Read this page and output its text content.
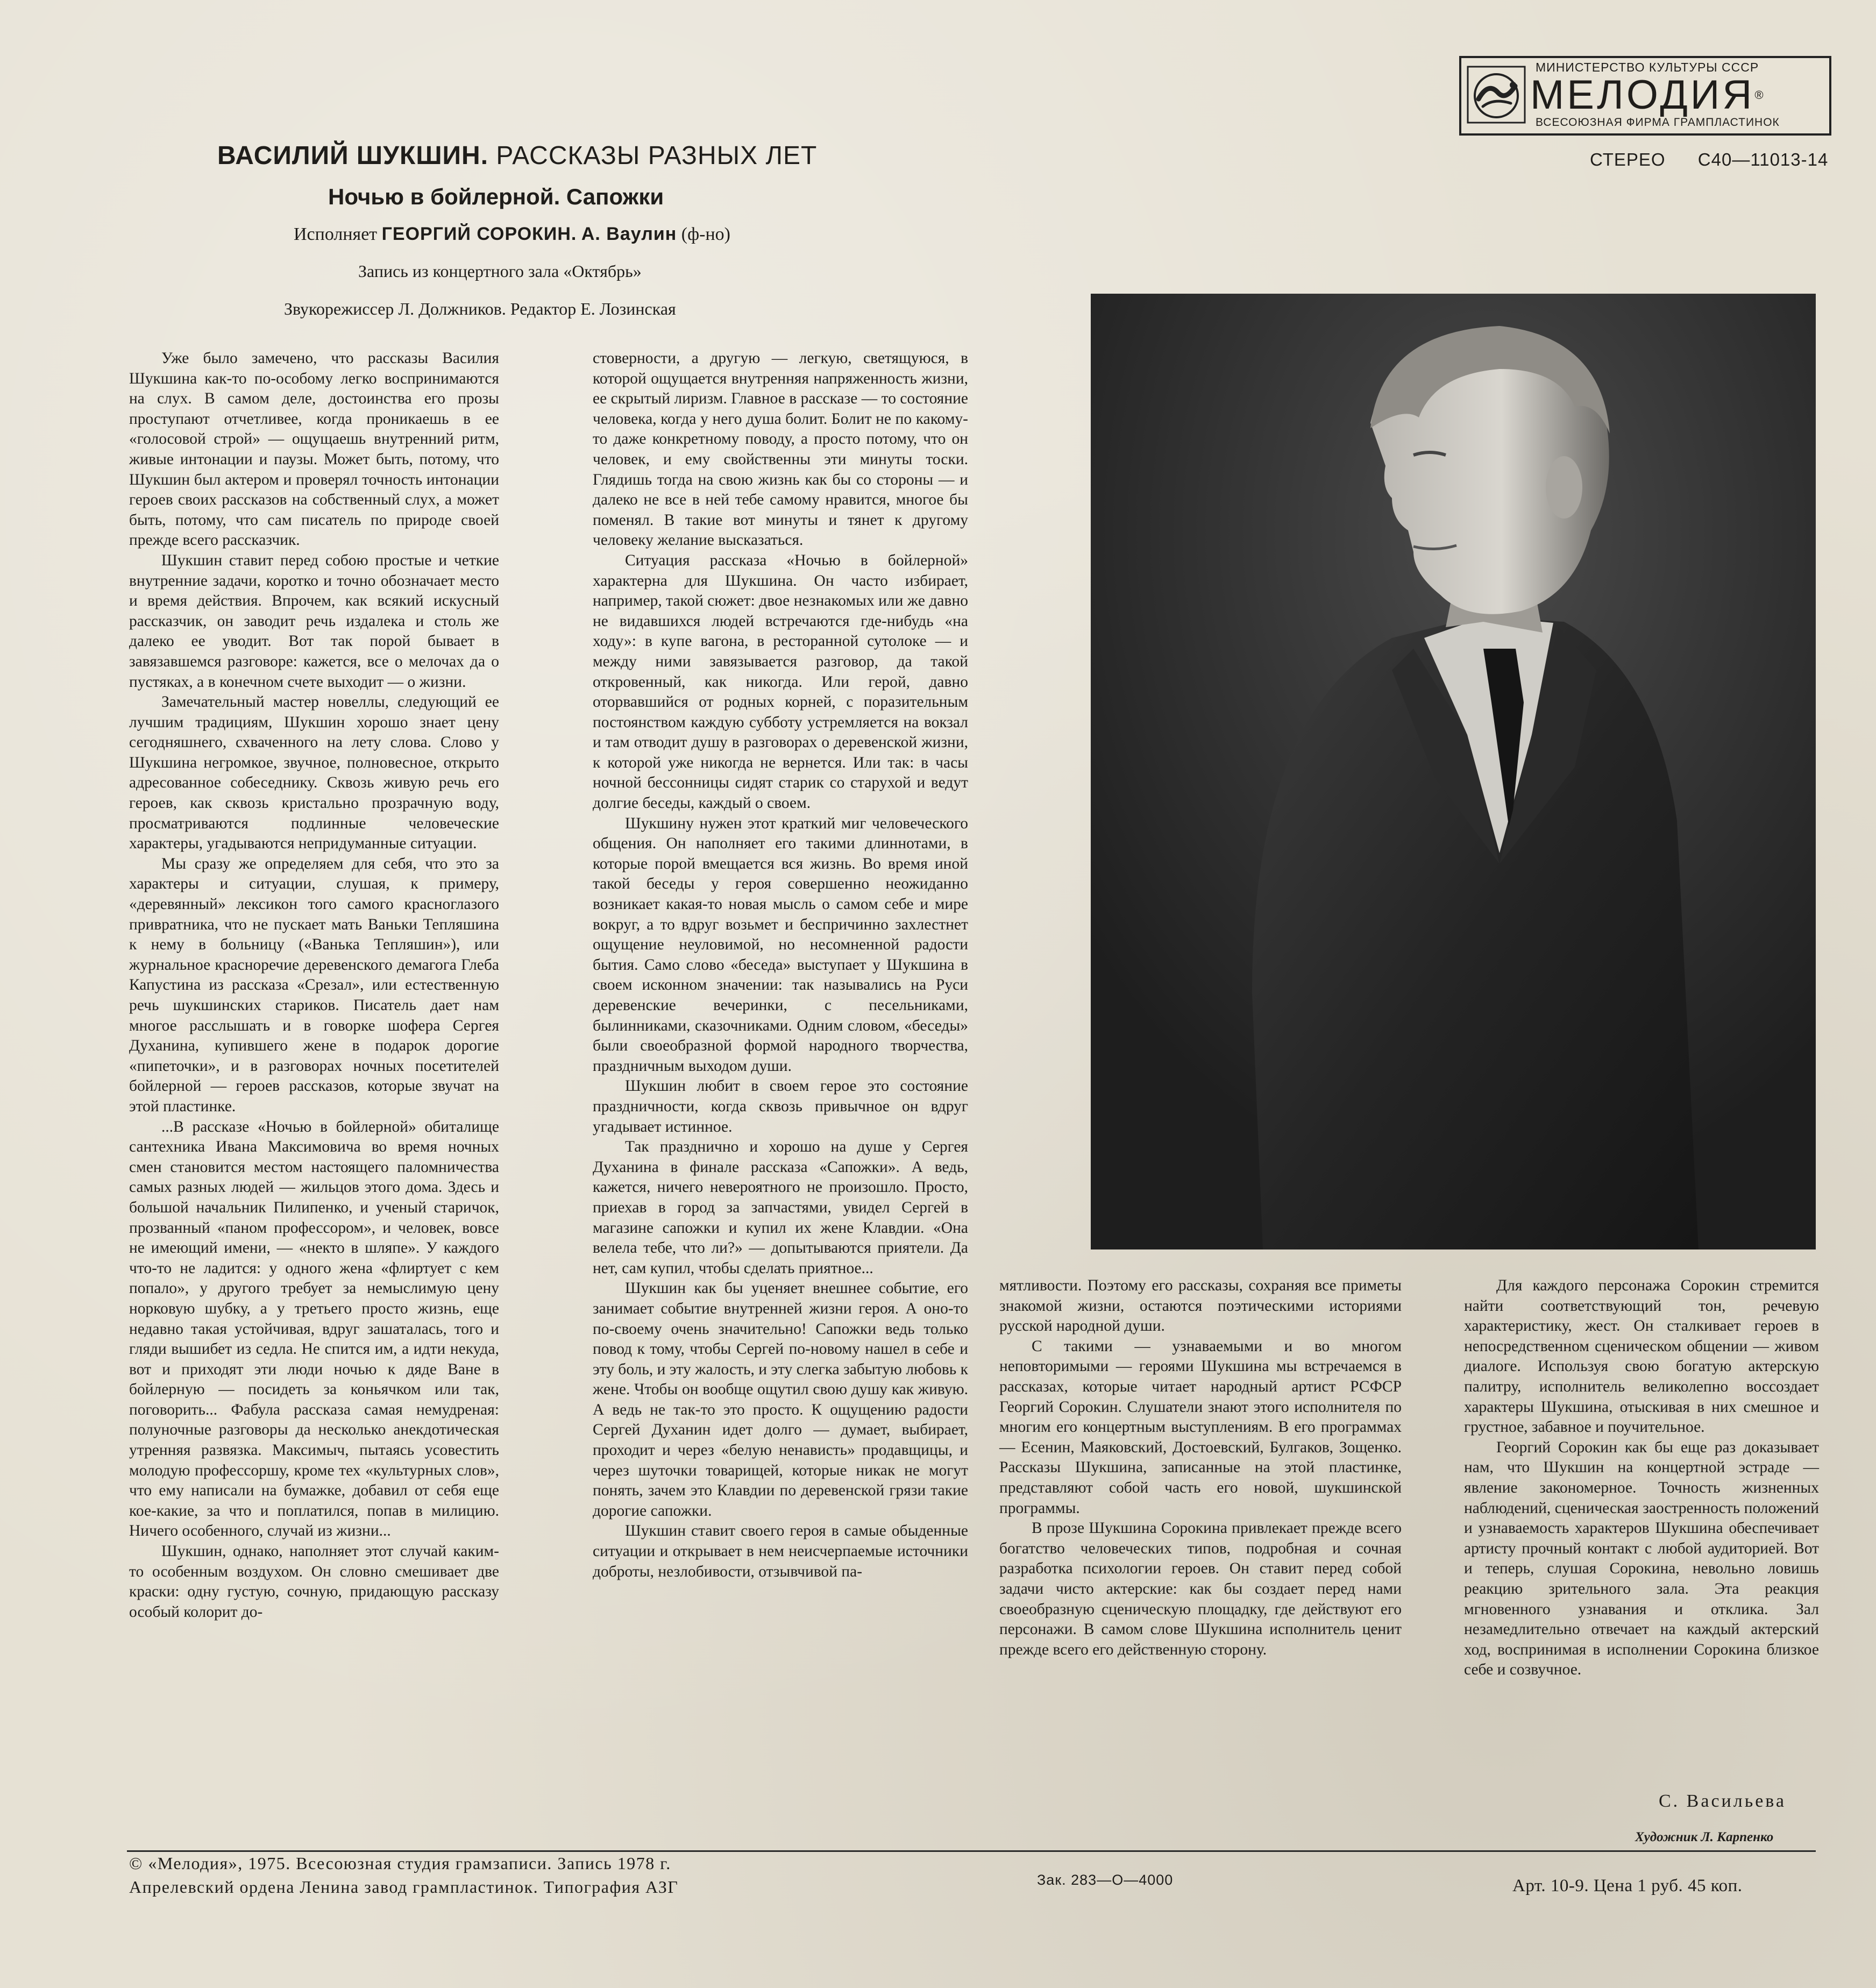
ВАСИЛИЙ ШУКШИН. РАССКАЗЫ РАЗНЫХ ЛЕТ
Ночью в бойлерной. Сапожки
Исполняет ГЕОРГИЙ СОРОКИН. А. Ваулин (ф-но)
Запись из концертного зала «Октябрь»
Звукорежиссер Л. Должников. Редактор Е. Лозинская
МИНИСТЕРСТВО КУЛЬТУРЫ СССР
МЕЛОДИЯ®
ВСЕСОЮЗНАЯ ФИРМА ГРАМПЛАСТИНОК
СТЕРЕО С40—11013-14

Уже было замечено, что рассказы Василия Шукшина как-то по-особому легко воспринимаются на слух. В самом деле, достоинства его прозы проступают отчетливее, когда проникаешь в ее «голосовой строй» — ощущаешь внутренний ритм, живые интонации и паузы. Может быть, потому, что Шукшин был актером и проверял точность интонации героев своих рассказов на собственный слух, а может быть, потому, что сам писатель по природе своей прежде всего рассказчик.

Шукшин ставит перед собою простые и четкие внутренние задачи, коротко и точно обозначает место и время действия. Впрочем, как всякий искусный рассказчик, он заводит речь издалека и столь же далеко ее уводит. Вот так порой бывает в завязавшемся разговоре: кажется, все о мелочах да о пустяках, а в конечном счете выходит — о жизни.

Замечательный мастер новеллы, следующий ее лучшим традициям, Шукшин хорошо знает цену сегодняшнего, схваченного на лету слова. Слово у Шукшина негромкое, звучное, полновесное, открыто адресованное собеседнику. Сквозь живую речь его героев, как сквозь кристально прозрачную воду, просматриваются подлинные человеческие характеры, угадываются непридуманные ситуации.

Мы сразу же определяем для себя, что это за характеры и ситуации, слушая, к примеру, «деревянный» лексикон того самого красноглазого привратника, что не пускает мать Ваньки Тепляшина к нему в больницу («Ванька Тепляшин»), или журнальное красноречие деревенского демагога Глеба Капустина из рассказа «Срезал», или естественную речь шукшинских стариков. Писатель дает нам многое расслышать и в говорке шофера Сергея Духанина, купившего жене в подарок дорогие «пипеточки», и в разговорах ночных посетителей бойлерной — героев рассказов, которые звучат на этой пластинке.

...В рассказе «Ночью в бойлерной» обиталище сантехника Ивана Максимовича во время ночных смен становится местом настоящего паломничества самых разных людей — жильцов этого дома. Здесь и большой начальник Пилипенко, и ученый старичок, прозванный «паном профессором», и человек, вовсе не имеющий имени, — «некто в шляпе». У каждого что-то не ладится: у одного жена «флиртует с кем попало», у другого требует за немыслимую цену норковую шубку, а у третьего просто жизнь, еще недавно такая устойчивая, вдруг зашаталась, того и гляди вышибет из седла. Не спится им, а идти некуда, вот и приходят эти люди ночью к дяде Ване в бойлерную — посидеть за коньячком или так, поговорить... Фабула рассказа самая немудреная: полуночные разговоры да несколько анекдотическая утренняя развязка. Максимыч, пытаясь усовестить молодую профессоршу, кроме тех «культурных слов», что ему написали на бумажке, добавил от себя еще кое-какие, за что и поплатился, попав в милицию. Ничего особенного, случай из жизни...

Шукшин, однако, наполняет этот случай каким-то особенным воздухом. Он словно смешивает две краски: одну густую, сочную, придающую рассказу особый колорит до-

стоверности, а другую — легкую, светящуюся, в которой ощущается внутренняя напряженность жизни, ее скрытый лиризм. Главное в рассказе — то состояние человека, когда у него душа болит. Болит не по какому-то даже конкретному поводу, а просто потому, что он человек, и ему свойственны эти минуты тоски. Глядишь тогда на свою жизнь как бы со стороны — и далеко не все в ней тебе самому нравится, многое бы поменял. В такие вот минуты и тянет к другому человеку желание высказаться.

Ситуация рассказа «Ночью в бойлерной» характерна для Шукшина. Он часто избирает, например, такой сюжет: двое незнакомых или же давно не видавшихся людей встречаются где-нибудь «на ходу»: в купе вагона, в ресторанной сутолоке — и между ними завязывается разговор, да такой откровенный, как никогда. Или герой, давно оторвавшийся от родных корней, с поразительным постоянством каждую субботу устремляется на вокзал и там отводит душу в разговорах о деревенской жизни, к которой уже никогда не вернется. Или так: в часы ночной бессонницы сидят старик со старухой и ведут долгие беседы, каждый о своем.

Шукшину нужен этот краткий миг человеческого общения. Он наполняет его такими длиннотами, в которые порой вмещается вся жизнь. Во время иной такой беседы у героя совершенно неожиданно возникает какая-то новая мысль о самом себе и мире вокруг, а то вдруг возьмет и беспричинно захлестнет ощущение неуловимой, но несомненной радости бытия. Само слово «беседа» выступает у Шукшина в своем исконном значении: так назывались на Руси деревенские вечеринки, с песельниками, былинниками, сказочниками. Одним словом, «беседы» были своеобразной формой народного творчества, праздничным выходом души.

Шукшин любит в своем герое это состояние праздничности, когда сквозь привычное он вдруг угадывает истинное.

Так празднично и хорошо на душе у Сергея Духанина в финале рассказа «Сапожки». А ведь, кажется, ничего невероятного не произошло. Просто, приехав в город за запчастями, увидел Сергей в магазине сапожки и купил их жене Клавдии. «Она велела тебе, что ли?» — допытываются приятели. Да нет, сам купил, чтобы сделать приятное...

Шукшин как бы уценяет внешнее событие, его занимает событие внутренней жизни героя. А оно-то по-своему очень значительно! Сапожки ведь только повод к тому, чтобы Сергей по-новому нашел в себе и эту боль, и эту жалость, и эту слегка забытую любовь к жене. Чтобы он вообще ощутил свою душу как живую. А ведь не так-то это просто. К ощущению радости Сергей Духанин идет долго — думает, выбирает, проходит и через «белую ненависть» продавщицы, и через шуточки товарищей, которые никак не могут понять, зачем это Клавдии по деревенской грязи такие дорогие сапожки.

Шукшин ставит своего героя в самые обыденные ситуации и открывает в нем неисчерпаемые источники доброты, незлобивости, отзывчивой па-

мятливости. Поэтому его рассказы, сохраняя все приметы знакомой жизни, остаются поэтическими историями русской народной души.

С такими — узнаваемыми и во многом неповторимыми — героями Шукшина мы встречаемся в рассказах, которые читает народный артист РСФСР Георгий Сорокин. Слушатели знают этого исполнителя по многим его концертным выступлениям. В его программах — Есенин, Маяковский, Достоевский, Булгаков, Зощенко. Рассказы Шукшина, записанные на этой пластинке, представляют собой часть его новой, шукшинской программы.

В прозе Шукшина Сорокина привлекает прежде всего богатство человеческих типов, подробная и сочная разработка психологии героев. Он ставит перед собой задачи чисто актерские: как бы создает перед нами своеобразную сценическую площадку, где действуют его персонажи. В самом слове Шукшина исполнитель ценит прежде всего его действенную сторону.

Для каждого персонажа Сорокин стремится найти соответствующий тон, речевую характеристику, жест. Он сталкивает героев в непосредственном сценическом общении — живом диалоге. Используя свою богатую актерскую палитру, исполнитель великолепно воссоздает характеры Шукшина, отыскивая в них смешное и грустное, забавное и поучительное.

Георгий Сорокин как бы еще раз доказывает нам, что Шукшин на концертной эстраде — явление закономерное. Точность жизненных наблюдений, сценическая заостренность положений и узнаваемость характеров Шукшина обеспечивает артисту прочный контакт с любой аудиторией. Вот и теперь, слушая Сорокина, невольно ловишь реакцию зрительного зала. Эта реакция мгновенного узнавания и отклика. Зал незамедлительно отвечает на каждый актерский ход, воспринимая в исполнении Сорокина близкое себе и созвучное.

С. Васильева
Художник Л. Карпенко
© «Мелодия», 1975. Всесоюзная студия грамзаписи. Запись 1978 г.
Апрелевский ордена Ленина завод грампластинок. Типография АЗГ	Зак. 283—О—4000	Арт. 10-9. Цена 1 руб. 45 коп.
